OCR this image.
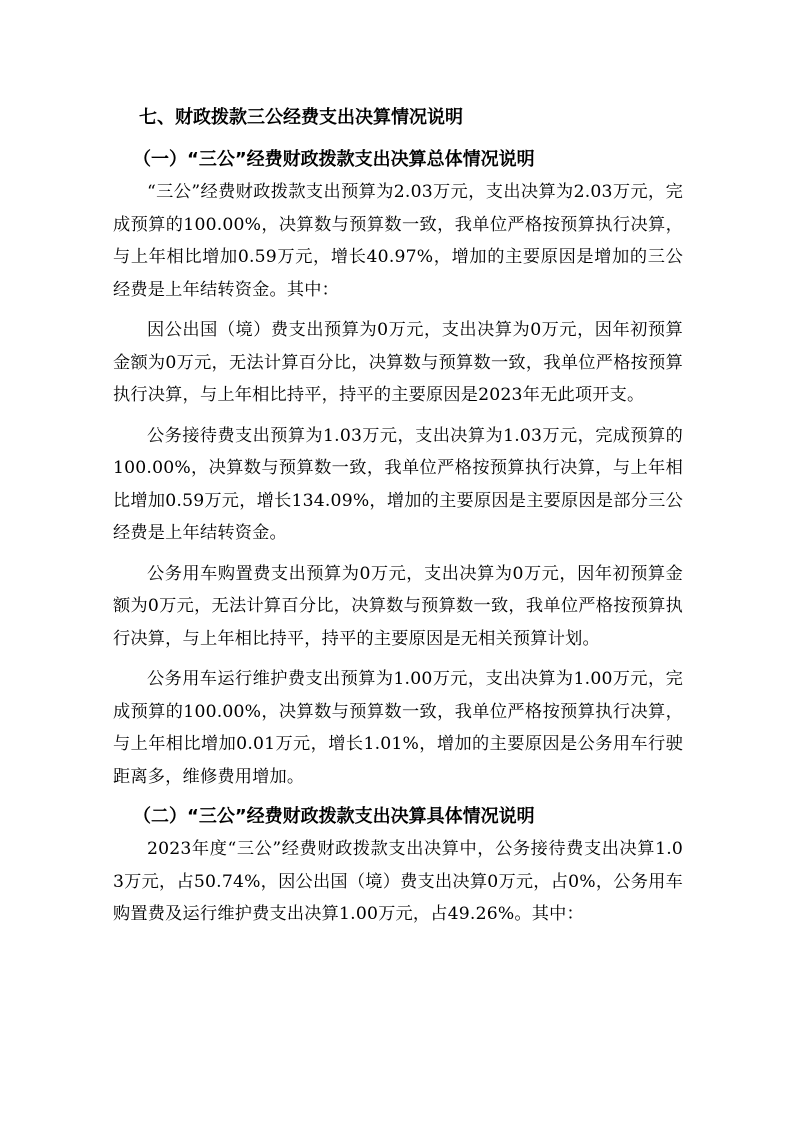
七、财政拨款三公经费支出决算情况说明
（一）“三公”经费财政拨款支出决算总体情况说明

“三公”经费财政拨款支出预算为2.03万元，支出决算为2.03万元，完成预算的100.00%，决算数与预算数一致，我单位严格按预算执行决算，与上年相比增加0.59万元，增长40.97%，增加的主要原因是增加的三公经费是上年结转资金。其中：

因公出国（境）费支出预算为0万元，支出决算为0万元，因年初预算金额为0万元，无法计算百分比，决算数与预算数一致，我单位严格按预算执行决算，与上年相比持平，持平的主要原因是2023年无此项开支。

公务接待费支出预算为1.03万元，支出决算为1.03万元，完成预算的100.00%，决算数与预算数一致，我单位严格按预算执行决算，与上年相比增加0.59万元，增长134.09%，增加的主要原因是主要原因是部分三公经费是上年结转资金。

公务用车购置费支出预算为0万元，支出决算为0万元，因年初预算金额为0万元，无法计算百分比，决算数与预算数一致，我单位严格按预算执行决算，与上年相比持平，持平的主要原因是无相关预算计划。

公务用车运行维护费支出预算为1.00万元，支出决算为1.00万元，完成预算的100.00%，决算数与预算数一致，我单位严格按预算执行决算，与上年相比增加0.01万元，增长1.01%，增加的主要原因是公务用车行驶距离多，维修费用增加。

（二）“三公”经费财政拨款支出决算具体情况说明

2023年度“三公”经费财政拨款支出决算中，公务接待费支出决算1.03万元，占50.74%，因公出国（境）费支出决算0万元，占0%，公务用车购置费及运行维护费支出决算1.00万元，占49.26%。其中：
